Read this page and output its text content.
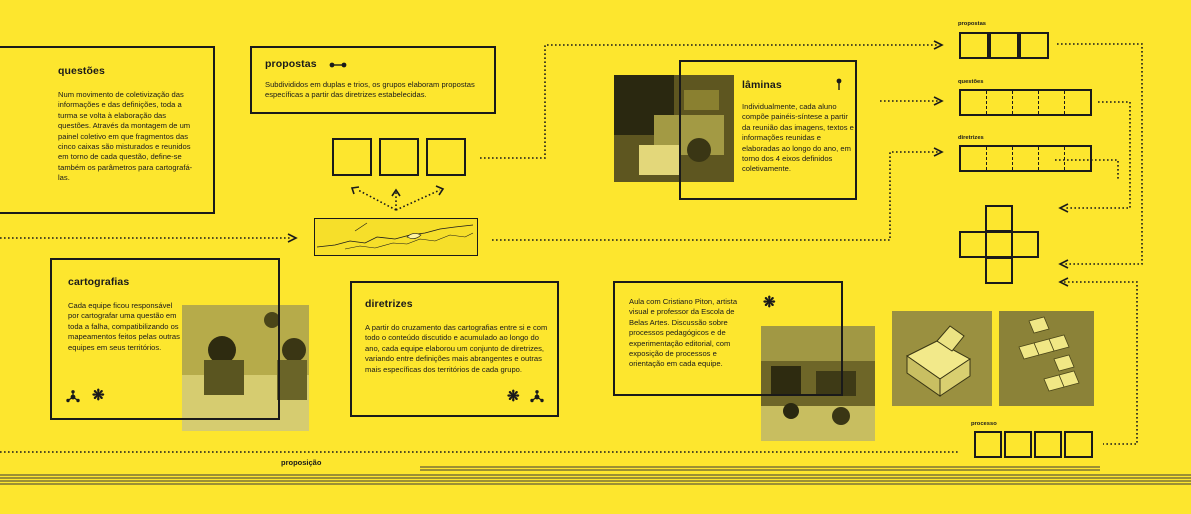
questões
Num movimento de coletivização das informações e das definições, toda a turma se volta à elaboração das questões. Através da montagem de um painel coletivo em que fragmentos das cinco caixas são misturados e reunidos em torno de cada questão, define-se também os parâmetros para cartografá-las.
propostas
Subdivididos em duplas e trios, os grupos elaboram propostas específicas a partir das diretrizes estabelecidas.
lâminas
Individualmente, cada aluno compõe painéis-síntese a partir da reunião das imagens, textos e informações reunidas e elaboradas ao longo do ano, em torno dos 4 eixos definidos coletivamente.
propostas
questões
diretrizes
cartografias
Cada equipe ficou responsável por cartografar uma questão em toda a falha, compatibilizando os mapeamentos feitos pelas outras equipes em seus territórios.
❋
diretrizes
A partir do cruzamento das cartografias entre si e com todo o conteúdo discutido e acumulado ao longo do ano, cada equipe elaborou um conjunto de diretrizes, variando entre definições mais abrangentes e outras mais específicas dos territórios de cada grupo.
❋
Aula com Cristiano Piton, artista visual e professor da Escola de Belas Artes. Discussão sobre processos pedagógicos e de experimentação editorial, com exposição de processos e orientação em cada equipe.
❋
processo
proposição
